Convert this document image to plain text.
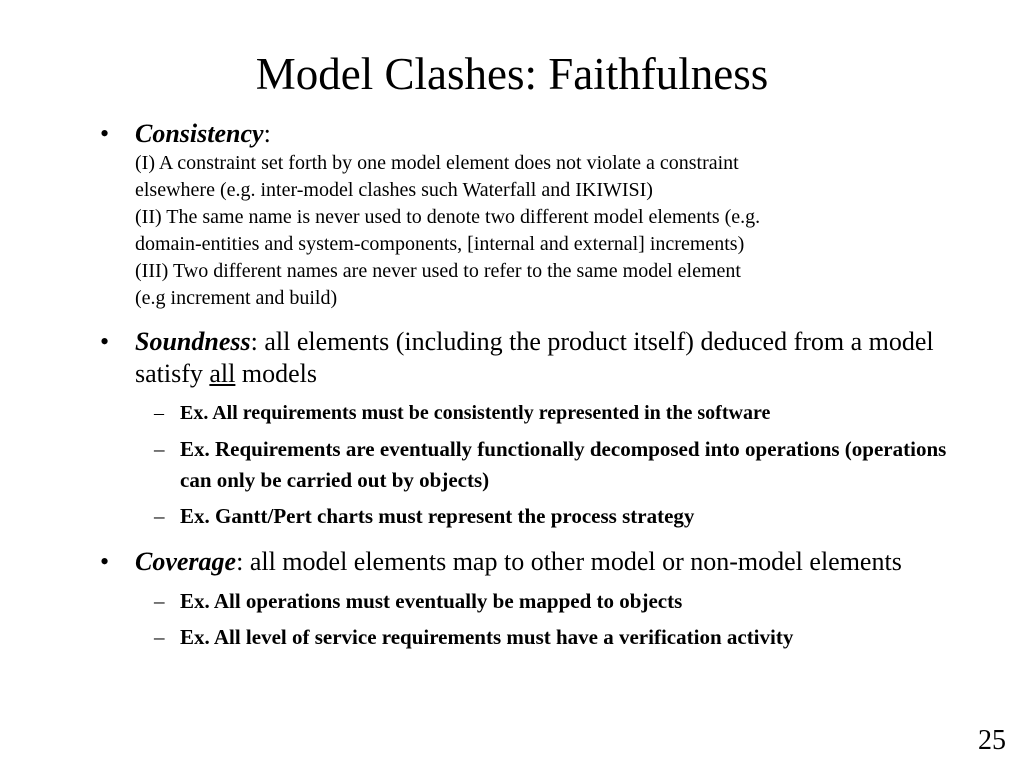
Model Clashes: Faithfulness
• Consistency:
(I) A constraint set forth by one model element does not violate a constraint
elsewhere (e.g. inter-model clashes such Waterfall and IKIWISI)
(II) The same name is never used to denote two different model elements (e.g.
domain-entities and system-components, [internal and external] increments)
(III) Two different names are never used to refer to the same model element
(e.g increment and build)
• Soundness: all elements (including the product itself) deduced from a model satisfy all models
– Ex. All requirements must be consistently represented in the software
– Ex. Requirements are eventually functionally decomposed into operations (operations can only be carried out by objects)
– Ex. Gantt/Pert charts must represent the process strategy
• Coverage: all model elements map to other model or non-model elements
– Ex. All operations must eventually be mapped to objects
– Ex. All level of service requirements must have a verification activity
25
